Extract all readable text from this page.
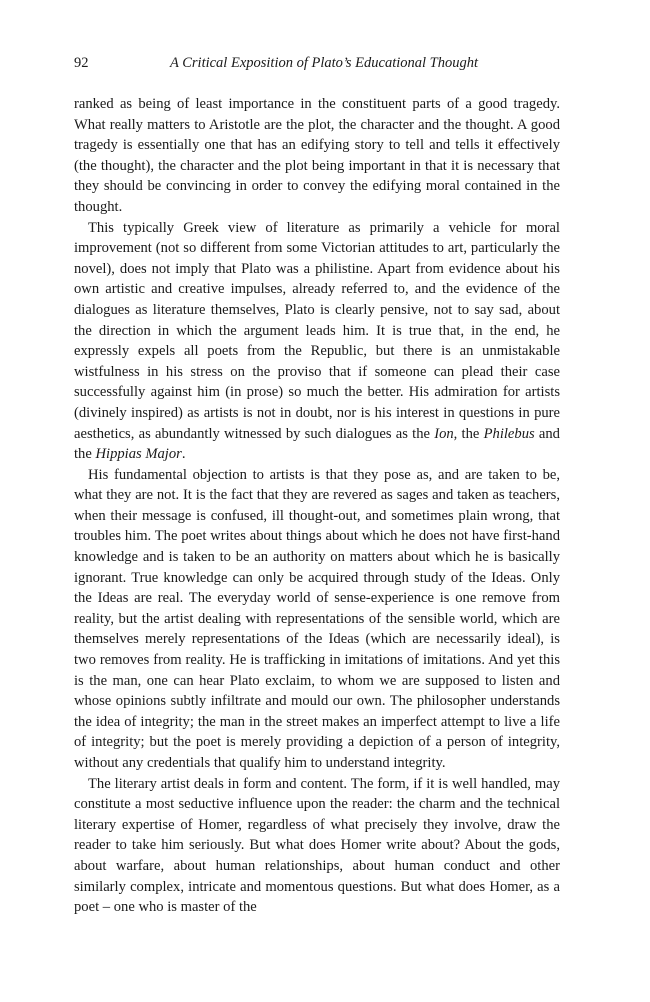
92	A Critical Exposition of Plato’s Educational Thought

ranked as being of least importance in the constituent parts of a good tragedy. What really matters to Aristotle are the plot, the character and the thought. A good tragedy is essentially one that has an edifying story to tell and tells it effectively (the thought), the character and the plot being important in that it is necessary that they should be convincing in order to convey the edifying moral contained in the thought.

This typically Greek view of literature as primarily a vehicle for moral improvement (not so different from some Victorian attitudes to art, particularly the novel), does not imply that Plato was a philistine. Apart from evidence about his own artistic and creative impulses, already referred to, and the evidence of the dialogues as literature themselves, Plato is clearly pensive, not to say sad, about the direction in which the argument leads him. It is true that, in the end, he expressly expels all poets from the Republic, but there is an unmistakable wistfulness in his stress on the proviso that if someone can plead their case successfully against him (in prose) so much the better. His admiration for artists (divinely inspired) as artists is not in doubt, nor is his interest in questions in pure aesthetics, as abundantly witnessed by such dialogues as the Ion, the Philebus and the Hippias Major.

His fundamental objection to artists is that they pose as, and are taken to be, what they are not. It is the fact that they are revered as sages and taken as teachers, when their message is confused, ill thought-out, and sometimes plain wrong, that troubles him. The poet writes about things about which he does not have first-hand knowledge and is taken to be an authority on matters about which he is basically ignorant. True knowledge can only be acquired through study of the Ideas. Only the Ideas are real. The everyday world of sense-experience is one remove from reality, but the artist dealing with representations of the sensible world, which are themselves merely representations of the Ideas (which are necessarily ideal), is two removes from reality. He is trafficking in imitations of imitations. And yet this is the man, one can hear Plato exclaim, to whom we are supposed to listen and whose opinions subtly infiltrate and mould our own. The philosopher understands the idea of integrity; the man in the street makes an imperfect attempt to live a life of integrity; but the poet is merely providing a depiction of a person of integrity, without any credentials that qualify him to understand integrity.

The literary artist deals in form and content. The form, if it is well handled, may constitute a most seductive influence upon the reader: the charm and the technical literary expertise of Homer, regardless of what precisely they involve, draw the reader to take him seriously. But what does Homer write about? About the gods, about warfare, about human relationships, about human conduct and other similarly complex, intricate and momentous questions. But what does Homer, as a poet – one who is master of the
